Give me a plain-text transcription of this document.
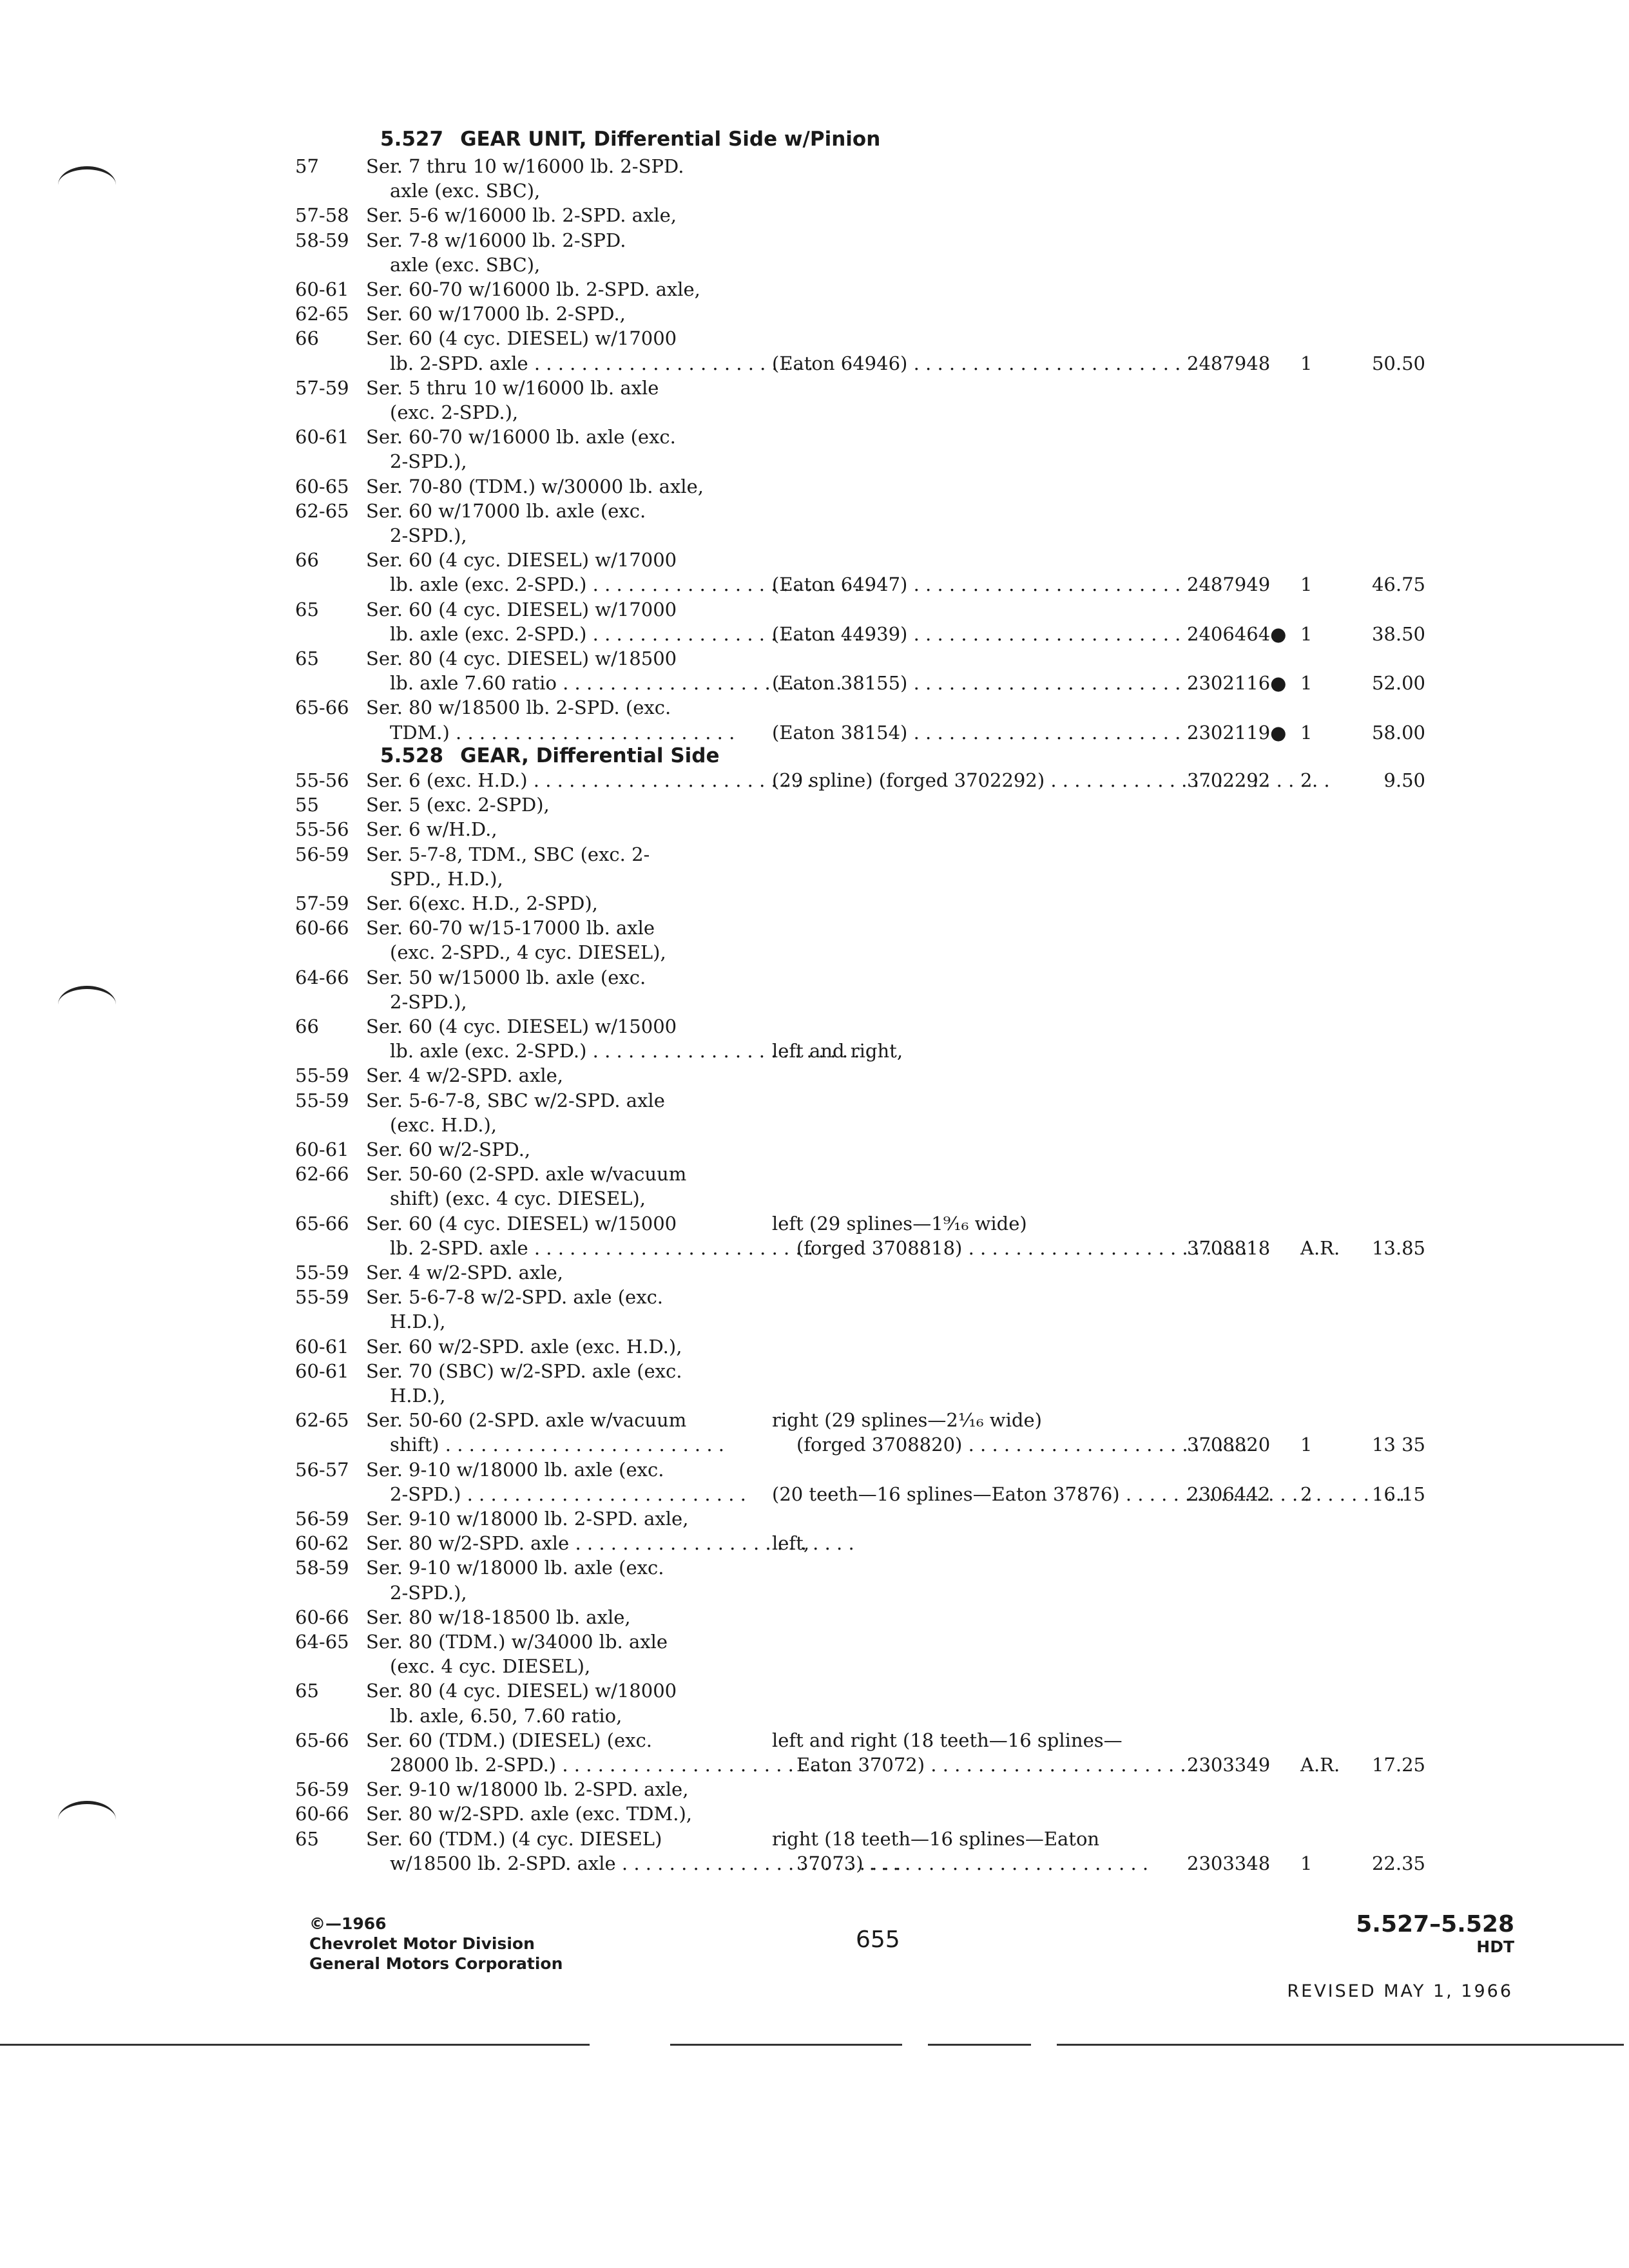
5.527 GEAR UNIT, Differential Side w/Pinion
57	Ser. 7 thru 10 w/16000 lb. 2-SPD.
axle (exc. SBC),
57-58 Ser. 5-6 w/16000 lb. 2-SPD. axle,
58-59 Ser. 7-8 w/16000 lb. 2-SPD.
axle (exc. SBC),
60-61 Ser. 60-70 w/16000 lb. 2-SPD. axle,
62-65 Ser. 60 w/17000 lb. 2-SPD.,
66	Ser. 60 (4 cyc. DIESEL) w/17000
lb. 2-SPD. axle . . .	(Eaton 64946) . . .	2487948 1	50.50
57-59 Ser. 5 thru 10 w/16000 lb. axle
(exc. 2-SPD.),
60-61 Ser. 60-70 w/16000 lb. axle (exc.
2-SPD.),
60-65 Ser. 70-80 (TDM.) w/30000 lb. axle,
62-65 Ser. 60 w/17000 lb. axle (exc.
2-SPD.),
66	Ser. 60 (4 cyc. DIESEL) w/17000
lb. axle (exc. 2-SPD.) . . .	(Eaton 64947) . . .	2487949 1	46.75
65	Ser. 60 (4 cyc. DIESEL) w/17000
lb. axle (exc. 2-SPD.) . . .	(Eaton 44939) . . .	2406464● 1	38.50
65	Ser. 80 (4 cyc. DIESEL) w/18500
lb. axle 7.60 ratio . . .	(Eaton 38155) . . .	2302116● 1	52.00
65-66 Ser. 80 w/18500 lb. 2-SPD. (exc.
TDM.) . . .	(Eaton 38154) . . .	2302119● 1	58.00
5.528 GEAR, Differential Side
55-56 Ser. 6 (exc. H.D.) . . .	(29 spline) (forged 3702292) . . .	3702292 2	9.50
55	Ser. 5 (exc. 2-SPD),
55-56 Ser. 6 w/H.D.,
56-59 Ser. 5-7-8, TDM., SBC (exc. 2-
SPD., H.D.),
57-59 Ser. 6(exc. H.D., 2-SPD),
60-66 Ser. 60-70 w/15-17000 lb. axle
(exc. 2-SPD., 4 cyc. DIESEL),
64-66 Ser. 50 w/15000 lb. axle (exc.
2-SPD.),
66	Ser. 60 (4 cyc. DIESEL) w/15000
lb. axle (exc. 2-SPD.) . . .	left and right,
55-59 Ser. 4 w/2-SPD. axle,
55-59 Ser. 5-6-7-8, SBC w/2-SPD. axle
(exc. H.D.),
60-61 Ser. 60 w/2-SPD.,
62-66 Ser. 50-60 (2-SPD. axle w/vacuum
shift) (exc. 4 cyc. DIESEL),
65-66 Ser. 60 (4 cyc. DIESEL) w/15000	left (29 splines—1⁹⁄₁₆ wide)
lb. 2-SPD. axle . . .	(forged 3708818) . . .	3708818 A.R.	13.85
55-59 Ser. 4 w/2-SPD. axle,
55-59 Ser. 5-6-7-8 w/2-SPD. axle (exc.
H.D.),
60-61 Ser. 60 w/2-SPD. axle (exc. H.D.),
60-61 Ser. 70 (SBC) w/2-SPD. axle (exc.
H.D.),
62-65 Ser. 50-60 (2-SPD. axle w/vacuum	right (29 splines—2¹⁄₁₆ wide)
shift) . . .	(forged 3708820) . . .	3708820 1	13 35
56-57 Ser. 9-10 w/18000 lb. axle (exc.
2-SPD.) . . .	(20 teeth—16 splines—Eaton 37876) . . .	2306442 2	16.15
56-59 Ser. 9-10 w/18000 lb. 2-SPD. axle,
60-62 Ser. 80 w/2-SPD. axle . . .	left,
58-59 Ser. 9-10 w/18000 lb. axle (exc.
2-SPD.),
60-66 Ser. 80 w/18-18500 lb. axle,
64-65 Ser. 80 (TDM.) w/34000 lb. axle
(exc. 4 cyc. DIESEL),
65	Ser. 80 (4 cyc. DIESEL) w/18000
lb. axle, 6.50, 7.60 ratio,
65-66 Ser. 60 (TDM.) (DIESEL) (exc.	left and right (18 teeth—16 splines—
28000 lb. 2-SPD.) . . .	Eaton 37072) . . .	2303349 A.R.	17.25
56-59 Ser. 9-10 w/18000 lb. 2-SPD. axle,
60-66 Ser. 80 w/2-SPD. axle (exc. TDM.),
65	Ser. 60 (TDM.) (4 cyc. DIESEL)	right (18 teeth—16 splines—Eaton
w/18500 lb. 2-SPD. axle . . .	37073) . . .	2303348 1	22.35
©—1966
Chevrolet Motor Division
General Motors Corporation
655
5.527–5.528
HDT
REVISED MAY 1, 1966
